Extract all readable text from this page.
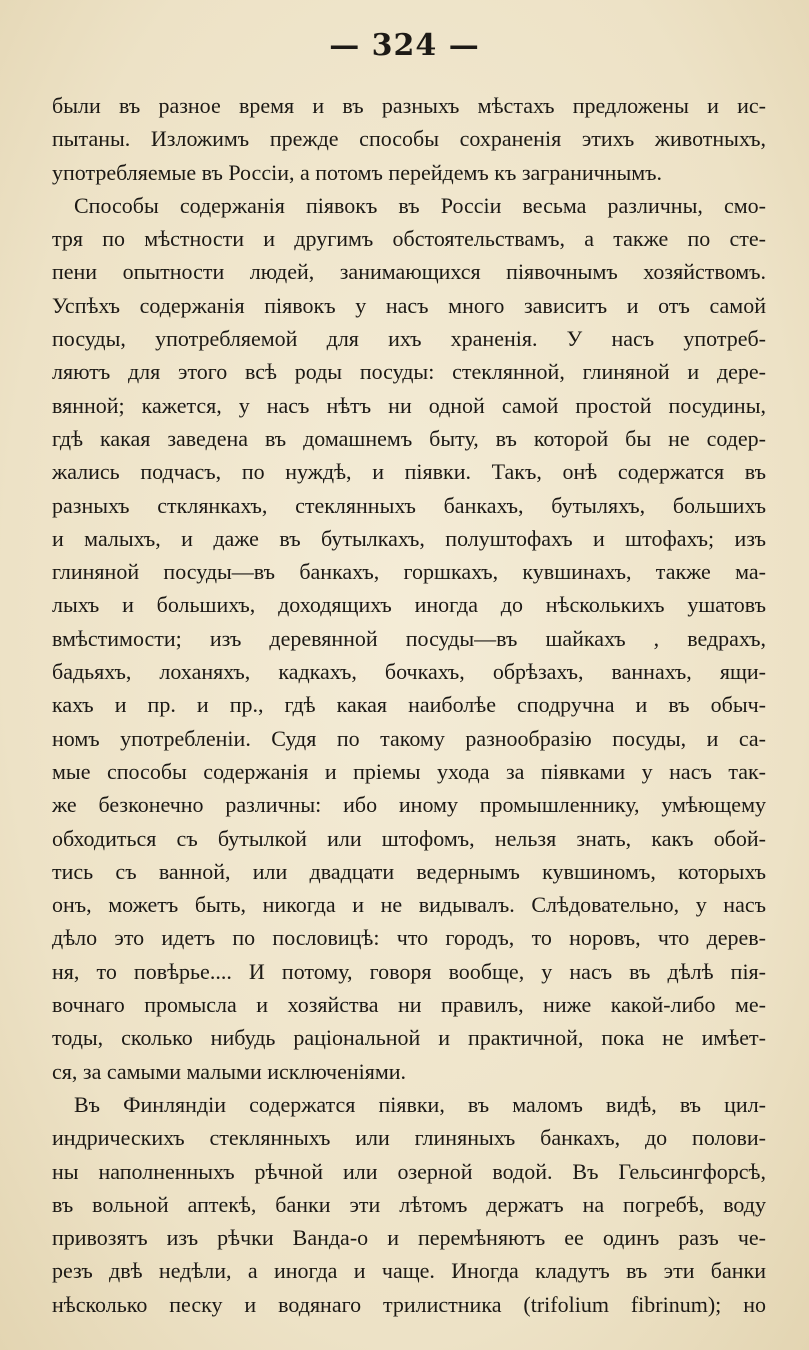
— 324 —
были въ разное время и въ разныхъ мѣстахъ предложены и ис-
пытаны. Изложимъ прежде способы сохраненія этихъ животныхъ,
употребляемые въ Россіи, а потомъ перейдемъ къ заграничнымъ.
Способы содержанія піявокъ въ Россіи весьма различны, смо-
тря по мѣстности и другимъ обстоятельствамъ, а также по сте-
пени опытности людей, занимающихся піявочнымъ хозяйствомъ.
Успѣхъ содержанія піявокъ у насъ много зависитъ и отъ самой
посуды, употребляемой для ихъ храненія. У насъ употреб-
ляютъ для этого всѣ роды посуды: стеклянной, глиняной и дере-
вянной; кажется, у насъ нѣтъ ни одной самой простой посудины,
гдѣ какая заведена въ домашнемъ быту, въ которой бы не содер-
жались подчасъ, по нуждѣ, и піявки. Такъ, онѣ содержатся въ
разныхъ стклянкахъ, стеклянныхъ банкахъ, бутыляхъ, большихъ
и малыхъ, и даже въ бутылкахъ, полуштофахъ и штофахъ; изъ
глиняной посуды—въ банкахъ, горшкахъ, кувшинахъ, также ма-
лыхъ и большихъ, доходящихъ иногда до нѣсколькихъ ушатовъ
вмѣстимости; изъ деревянной посуды—въ шайкахъ , ведрахъ,
бадьяхъ, лоханяхъ, кадкахъ, бочкахъ, обрѣзахъ, ваннахъ, ящи-
кахъ и пр. и пр., гдѣ какая наиболѣе сподручна и въ обыч-
номъ употребленіи. Судя по такому разнообразію посуды, и са-
мые способы содержанія и пріемы ухода за піявками у насъ так-
же безконечно различны: ибо иному промышленнику, умѣющему
обходиться съ бутылкой или штофомъ, нельзя знать, какъ обой-
тись съ ванной, или двадцати ведернымъ кувшиномъ, которыхъ
онъ, можетъ быть, никогда и не видывалъ. Слѣдовательно, у насъ
дѣло это идетъ по пословицѣ: что городъ, то норовъ, что дерев-
ня, то повѣрье.... И потому, говоря вообще, у насъ въ дѣлѣ пія-
вочнаго промысла и хозяйства ни правилъ, ниже какой-либо ме-
тоды, сколько нибудь раціональной и практичной, пока не имѣет-
ся, за самыми малыми исключеніями.
Въ Финляндіи содержатся піявки, въ маломъ видѣ, въ цил-
индрическихъ стеклянныхъ или глиняныхъ банкахъ, до полови-
ны наполненныхъ рѣчной или озерной водой. Въ Гельсингфорсѣ,
въ вольной аптекѣ, банки эти лѣтомъ держатъ на погребѣ, воду
привозятъ изъ рѣчки Ванда-о и перемѣняютъ ее одинъ разъ че-
резъ двѣ недѣли, а иногда и чаще. Иногда кладутъ въ эти банки
нѣсколько песку и водянаго трилистника (trifolium fibrinum); но
